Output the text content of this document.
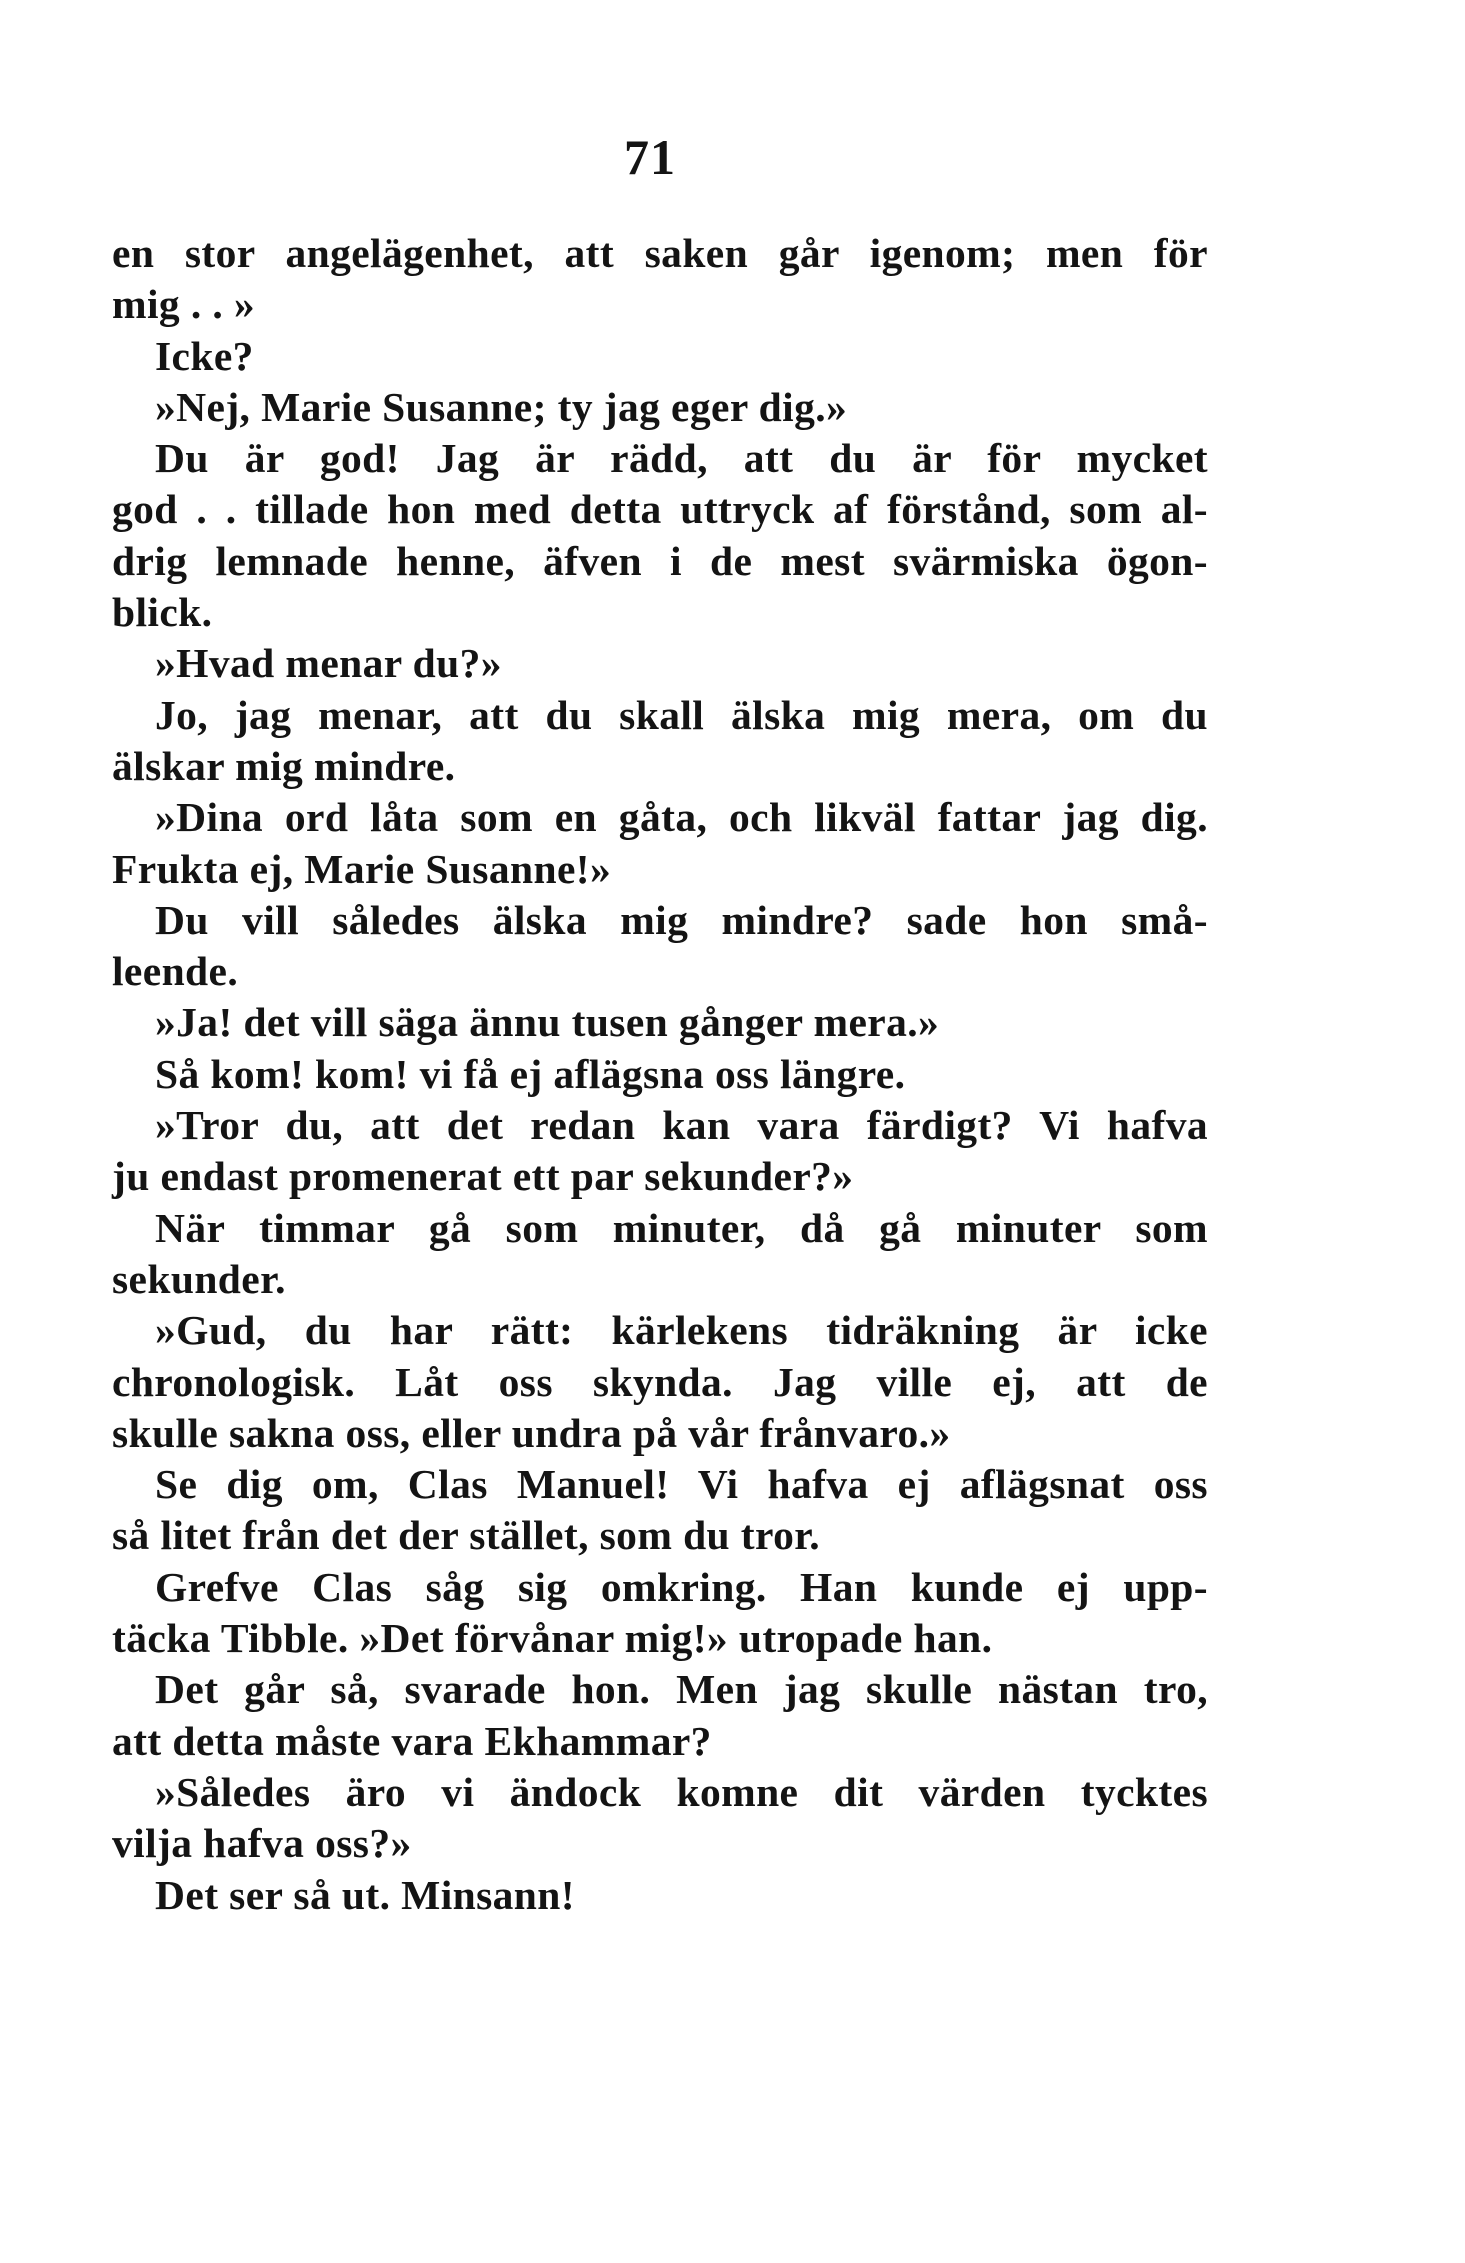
71
en stor angelägenhet, att saken går igenom; men för
mig . . »
Icke?
»Nej, Marie Susanne; ty jag eger dig.»
Du är god! Jag är rädd, att du är för mycket
god . . tillade hon med detta uttryck af förstånd, som al-
drig lemnade henne, äfven i de mest svärmiska ögon-
blick.
»Hvad menar du?»
Jo, jag menar, att du skall älska mig mera, om du
älskar mig mindre.
»Dina ord låta som en gåta, och likväl fattar jag dig.
Frukta ej, Marie Susanne!»
Du vill således älska mig mindre? sade hon små-
leende.
»Ja! det vill säga ännu tusen gånger mera.»
Så kom! kom! vi få ej aflägsna oss längre.
»Tror du, att det redan kan vara färdigt? Vi hafva
ju endast promenerat ett par sekunder?»
När timmar gå som minuter, då gå minuter som
sekunder.
»Gud, du har rätt: kärlekens tidräkning är icke
chronologisk. Låt oss skynda. Jag ville ej, att de
skulle sakna oss, eller undra på vår frånvaro.»
Se dig om, Clas Manuel! Vi hafva ej aflägsnat oss
så litet från det der stället, som du tror.
Grefve Clas såg sig omkring. Han kunde ej upp-
täcka Tibble. »Det förvånar mig!» utropade han.
Det går så, svarade hon. Men jag skulle nästan tro,
att detta måste vara Ekhammar?
»Således äro vi ändock komne dit värden tycktes
vilja hafva oss?»
Det ser så ut. Minsann!
